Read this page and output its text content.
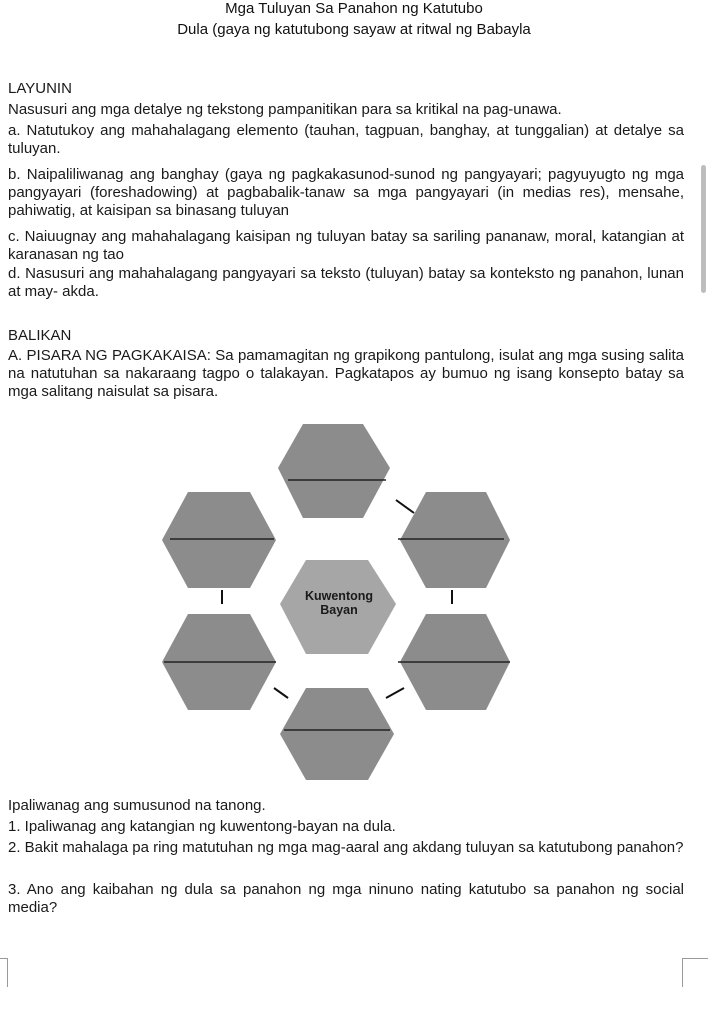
Mga Tuluyan Sa Panahon ng Katutubo
Dula (gaya ng katutubong sayaw at ritwal ng Babayla
LAYUNIN
Nasusuri ang mga detalye ng tekstong pampanitikan para sa kritikal na pag-unawa.
a. Natutukoy ang mahahalagang elemento (tauhan, tagpuan, banghay, at tunggalian) at detalye sa tuluyan.
b. Naipaliliwanag ang banghay (gaya ng pagkakasunod-sunod ng pangyayari; pagyuyugto ng mga pangyayari (foreshadowing) at pagbabalik-tanaw sa mga pangyayari (in medias res), mensahe, pahiwatig, at kaisipan sa binasang tuluyan
c. Naiuugnay ang mahahalagang kaisipan ng tuluyan batay sa sariling pananaw, moral, katangian at karanasan ng tao
d. Nasusuri ang mahahalagang pangyayari sa teksto (tuluyan) batay sa konteksto ng panahon, lunan at may- akda.
BALIKAN
A. PISARA NG PAGKAKAISA: Sa pamamagitan ng grapikong pantulong, isulat ang mga susing salita na natutuhan sa nakaraang tagpo o talakayan. Pagkatapos ay bumuo ng isang konsepto batay sa mga salitang naisulat sa pisara.
Kuwentong
Bayan
Ipaliwanag ang sumusunod na tanong.
1. Ipaliwanag ang katangian ng kuwentong-bayan na dula.
2. Bakit mahalaga pa ring matutuhan ng mga mag-aaral ang akdang tuluyan sa katutubong panahon?
3. Ano ang kaibahan ng dula sa panahon ng mga ninuno nating katutubo sa panahon ng social media?
